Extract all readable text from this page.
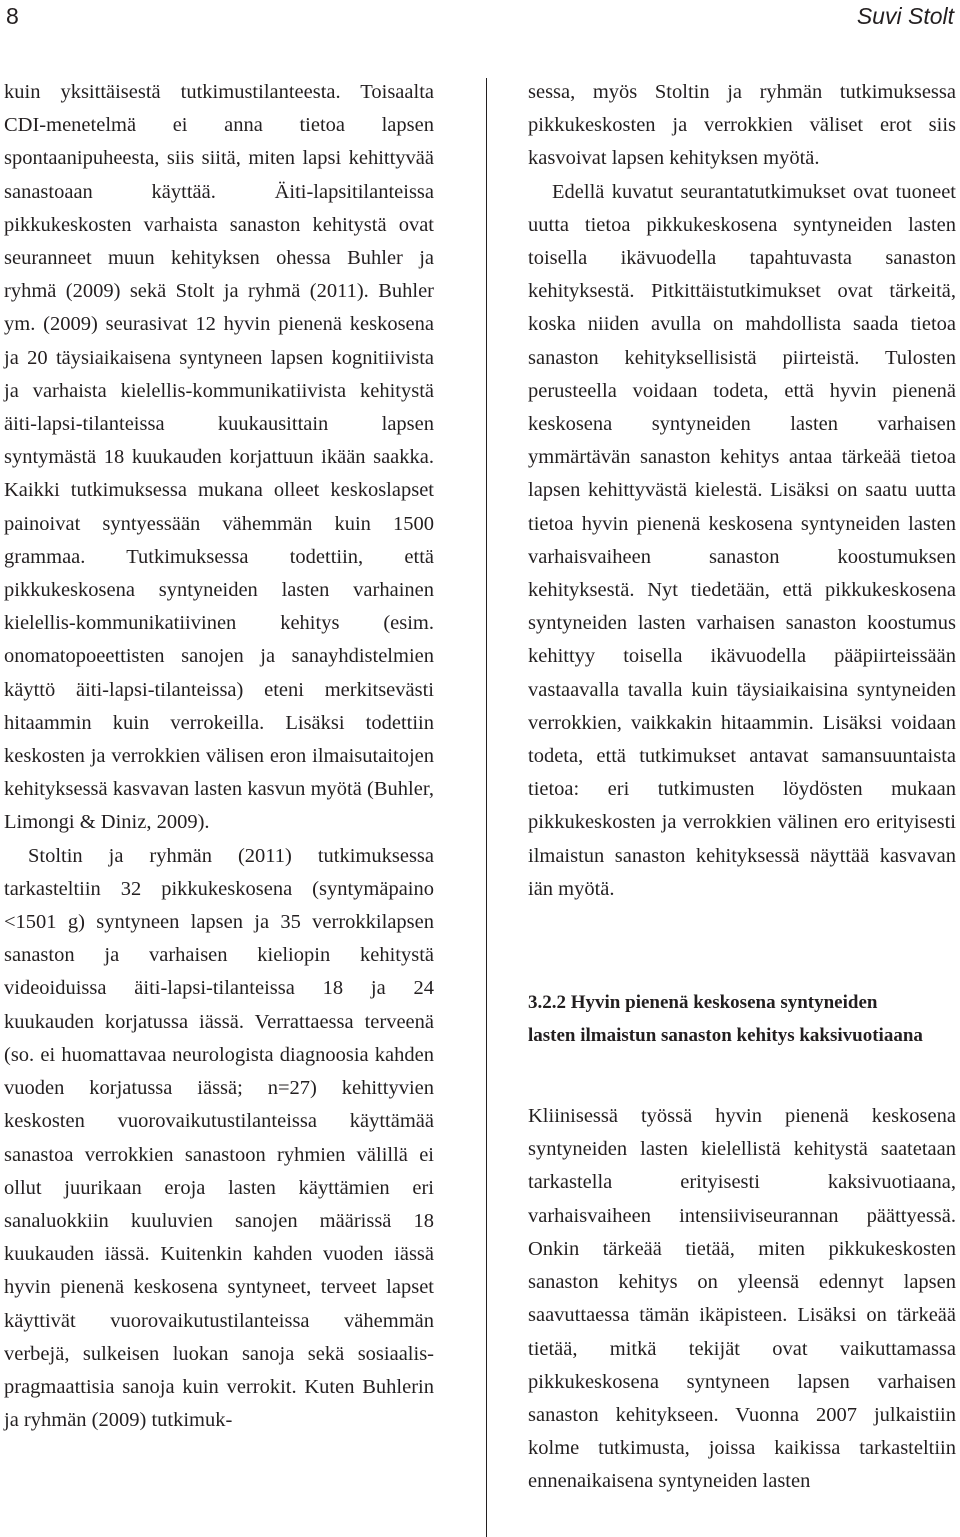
8	Suvi Stolt

kuin yksittäisestä tutkimustilanteesta. Toisaalta CDI-menetelmä ei anna tietoa lapsen spontaanipuheesta, siis siitä, miten lapsi kehittyvää sanastoaan käyttää. Äiti-lapsitilanteissa pikkukeskosten varhaista sanaston kehitystä ovat seuranneet muun kehityksen ohessa Buhler ja ryhmä (2009) sekä Stolt ja ryhmä (2011). Buhler ym. (2009) seurasivat 12 hyvin pienenä keskosena ja 20 täysiaikaisena syntyneen lapsen kognitiivista ja varhaista kielellis-kommunikatiivista kehitystä äiti-lapsi-tilanteissa kuukausittain lapsen syntymästä 18 kuukauden korjattuun ikään saakka. Kaikki tutkimuksessa mukana olleet keskoslapset painoivat syntyessään vähemmän kuin 1500 grammaa. Tutkimuksessa todettiin, että pikkukeskosena syntyneiden lasten varhainen kielellis-kommunikatiivinen kehitys (esim. onomatopoeettisten sanojen ja sanayhdistelmien käyttö äiti-lapsi-tilanteissa) eteni merkitsevästi hitaammin kuin verrokeilla. Lisäksi todettiin keskosten ja verrokkien välisen eron ilmaisutaitojen kehityksessä kasvavan lasten kasvun myötä (Buhler, Limongi & Diniz, 2009).

Stoltin ja ryhmän (2011) tutkimuksessa tarkasteltiin 32 pikkukeskosena (syntymäpaino <1501 g) syntyneen lapsen ja 35 verrokkilapsen sanaston ja varhaisen kieliopin kehitystä videoiduissa äiti-lapsi-tilanteissa 18 ja 24 kuukauden korjatussa iässä. Verrattaessa terveenä (so. ei huomattavaa neurologista diagnoosia kahden vuoden korjatussa iässä; n=27) kehittyvien keskosten vuorovaikutustilanteissa käyttämää sanastoa verrokkien sanastoon ryhmien välillä ei ollut juurikaan eroja lasten käyttämien eri sanaluokkiin kuuluvien sanojen määrissä 18 kuukauden iässä. Kuitenkin kahden vuoden iässä hyvin pienenä keskosena syntyneet, terveet lapset käyttivät vuorovaikutustilanteissa vähemmän verbejä, sulkeisen luokan sanoja sekä sosiaalis-pragmaattisia sanoja kuin verrokit. Kuten Buhlerin ja ryhmän (2009) tutkimuk-

sessa, myös Stoltin ja ryhmän tutkimuksessa pikkukeskosten ja verrokkien väliset erot siis kasvoivat lapsen kehityksen myötä.

Edellä kuvatut seurantatutkimukset ovat tuoneet uutta tietoa pikkukeskosena syntyneiden lasten toisella ikävuodella tapahtuvasta sanaston kehityksestä. Pitkittäistutkimukset ovat tärkeitä, koska niiden avulla on mahdollista saada tietoa sanaston kehityksellisistä piirteistä. Tulosten perusteella voidaan todeta, että hyvin pienenä keskosena syntyneiden lasten varhaisen ymmärtävän sanaston kehitys antaa tärkeää tietoa lapsen kehittyvästä kielestä. Lisäksi on saatu uutta tietoa hyvin pienenä keskosena syntyneiden lasten varhaisvaiheen sanaston koostumuksen kehityksestä. Nyt tiedetään, että pikkukeskosena syntyneiden lasten varhaisen sanaston koostumus kehittyy toisella ikävuodella pääpiirteissään vastaavalla tavalla kuin täysiaikaisina syntyneiden verrokkien, vaikkakin hitaammin. Lisäksi voidaan todeta, että tutkimukset antavat samansuuntaista tietoa: eri tutkimusten löydösten mukaan pikkukeskosten ja verrokkien välinen ero erityisesti ilmaistun sanaston kehityksessä näyttää kasvavan iän myötä.

3.2.2 Hyvin pienenä keskosena syntyneiden lasten ilmaistun sanaston kehitys kaksivuotiaana

Kliinisessä työssä hyvin pienenä keskosena syntyneiden lasten kielellistä kehitystä saatetaan tarkastella erityisesti kaksivuotiaana, varhaisvaiheen intensiiviseurannan päättyessä. Onkin tärkeää tietää, miten pikkukeskosten sanaston kehitys on yleensä edennyt lapsen saavuttaessa tämän ikäpisteen. Lisäksi on tärkeää tietää, mitkä tekijät ovat vaikuttamassa pikkukeskosena syntyneen lapsen varhaisen sanaston kehitykseen. Vuonna 2007 julkaistiin kolme tutkimusta, joissa kaikissa tarkasteltiin ennenaikaisena syntyneiden lasten
